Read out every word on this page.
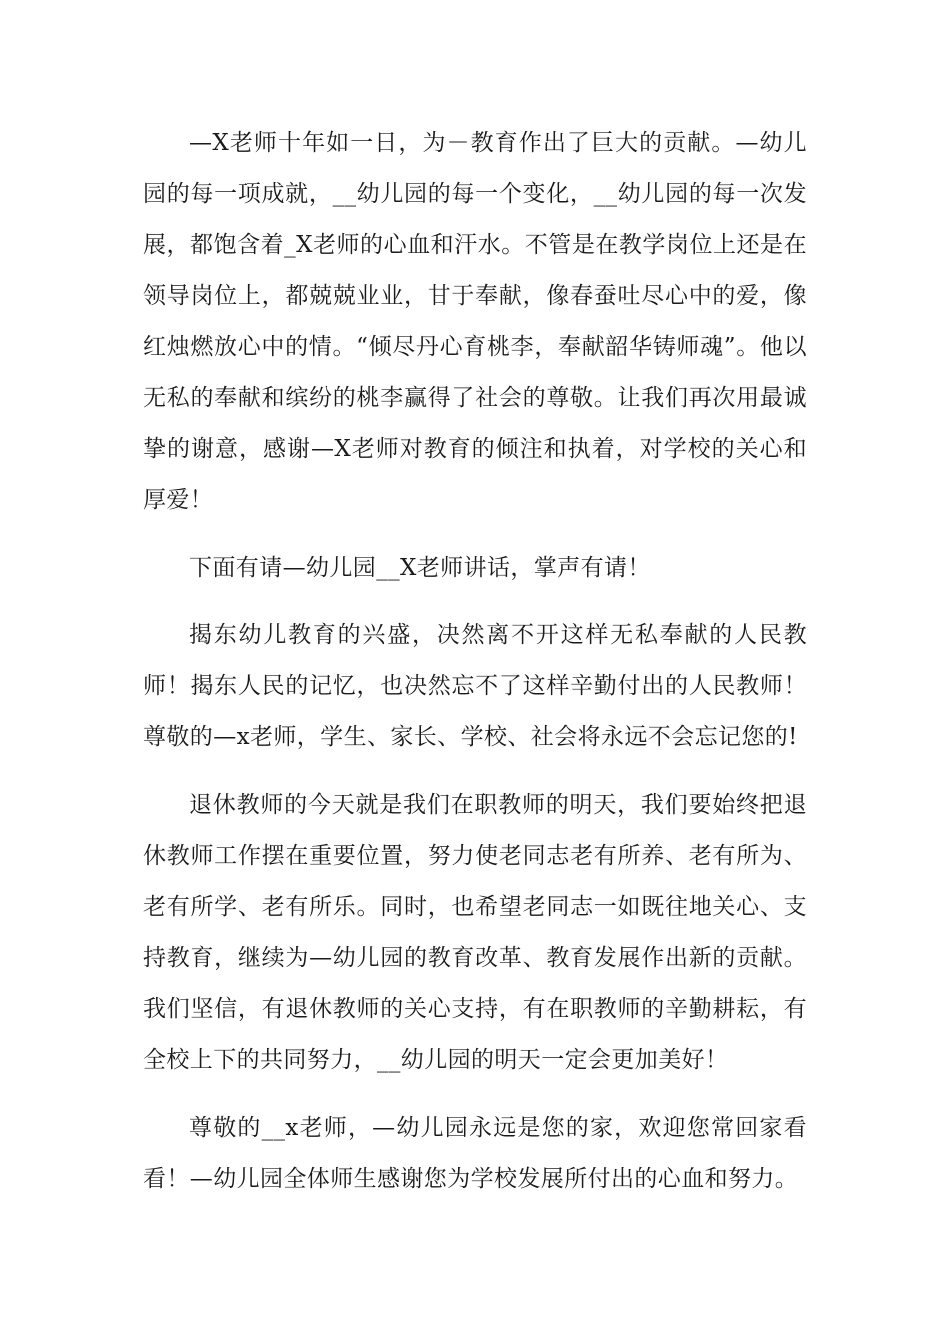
—X老师十年如一日，为－教育作出了巨大的贡献。—幼儿园的每一项成就，__幼儿园的每一个变化，__幼儿园的每一次发展，都饱含着_X老师的心血和汗水。不管是在教学岗位上还是在领导岗位上，都兢兢业业，甘于奉献，像春蚕吐尽心中的爱，像红烛燃放心中的情。“倾尽丹心育桃李，奉献韶华铸师魂”。他以无私的奉献和缤纷的桃李赢得了社会的尊敬。让我们再次用最诚挚的谢意，感谢—X老师对教育的倾注和执着，对学校的关心和厚爱！

下面有请—幼儿园__X老师讲话，掌声有请！

揭东幼儿教育的兴盛，决然离不开这样无私奉献的人民教师！揭东人民的记忆，也决然忘不了这样辛勤付出的人民教师！尊敬的—x老师，学生、家长、学校、社会将永远不会忘记您的!

退休教师的今天就是我们在职教师的明天，我们要始终把退休教师工作摆在重要位置，努力使老同志老有所养、老有所为、老有所学、老有所乐。同时，也希望老同志一如既往地关心、支持教育，继续为—幼儿园的教育改革、教育发展作出新的贡献。我们坚信，有退休教师的关心支持，有在职教师的辛勤耕耘，有全校上下的共同努力，__幼儿园的明天一定会更加美好！

尊敬的__x老师，—幼儿园永远是您的家，欢迎您常回家看看！—幼儿园全体师生感谢您为学校发展所付出的心血和努力。
